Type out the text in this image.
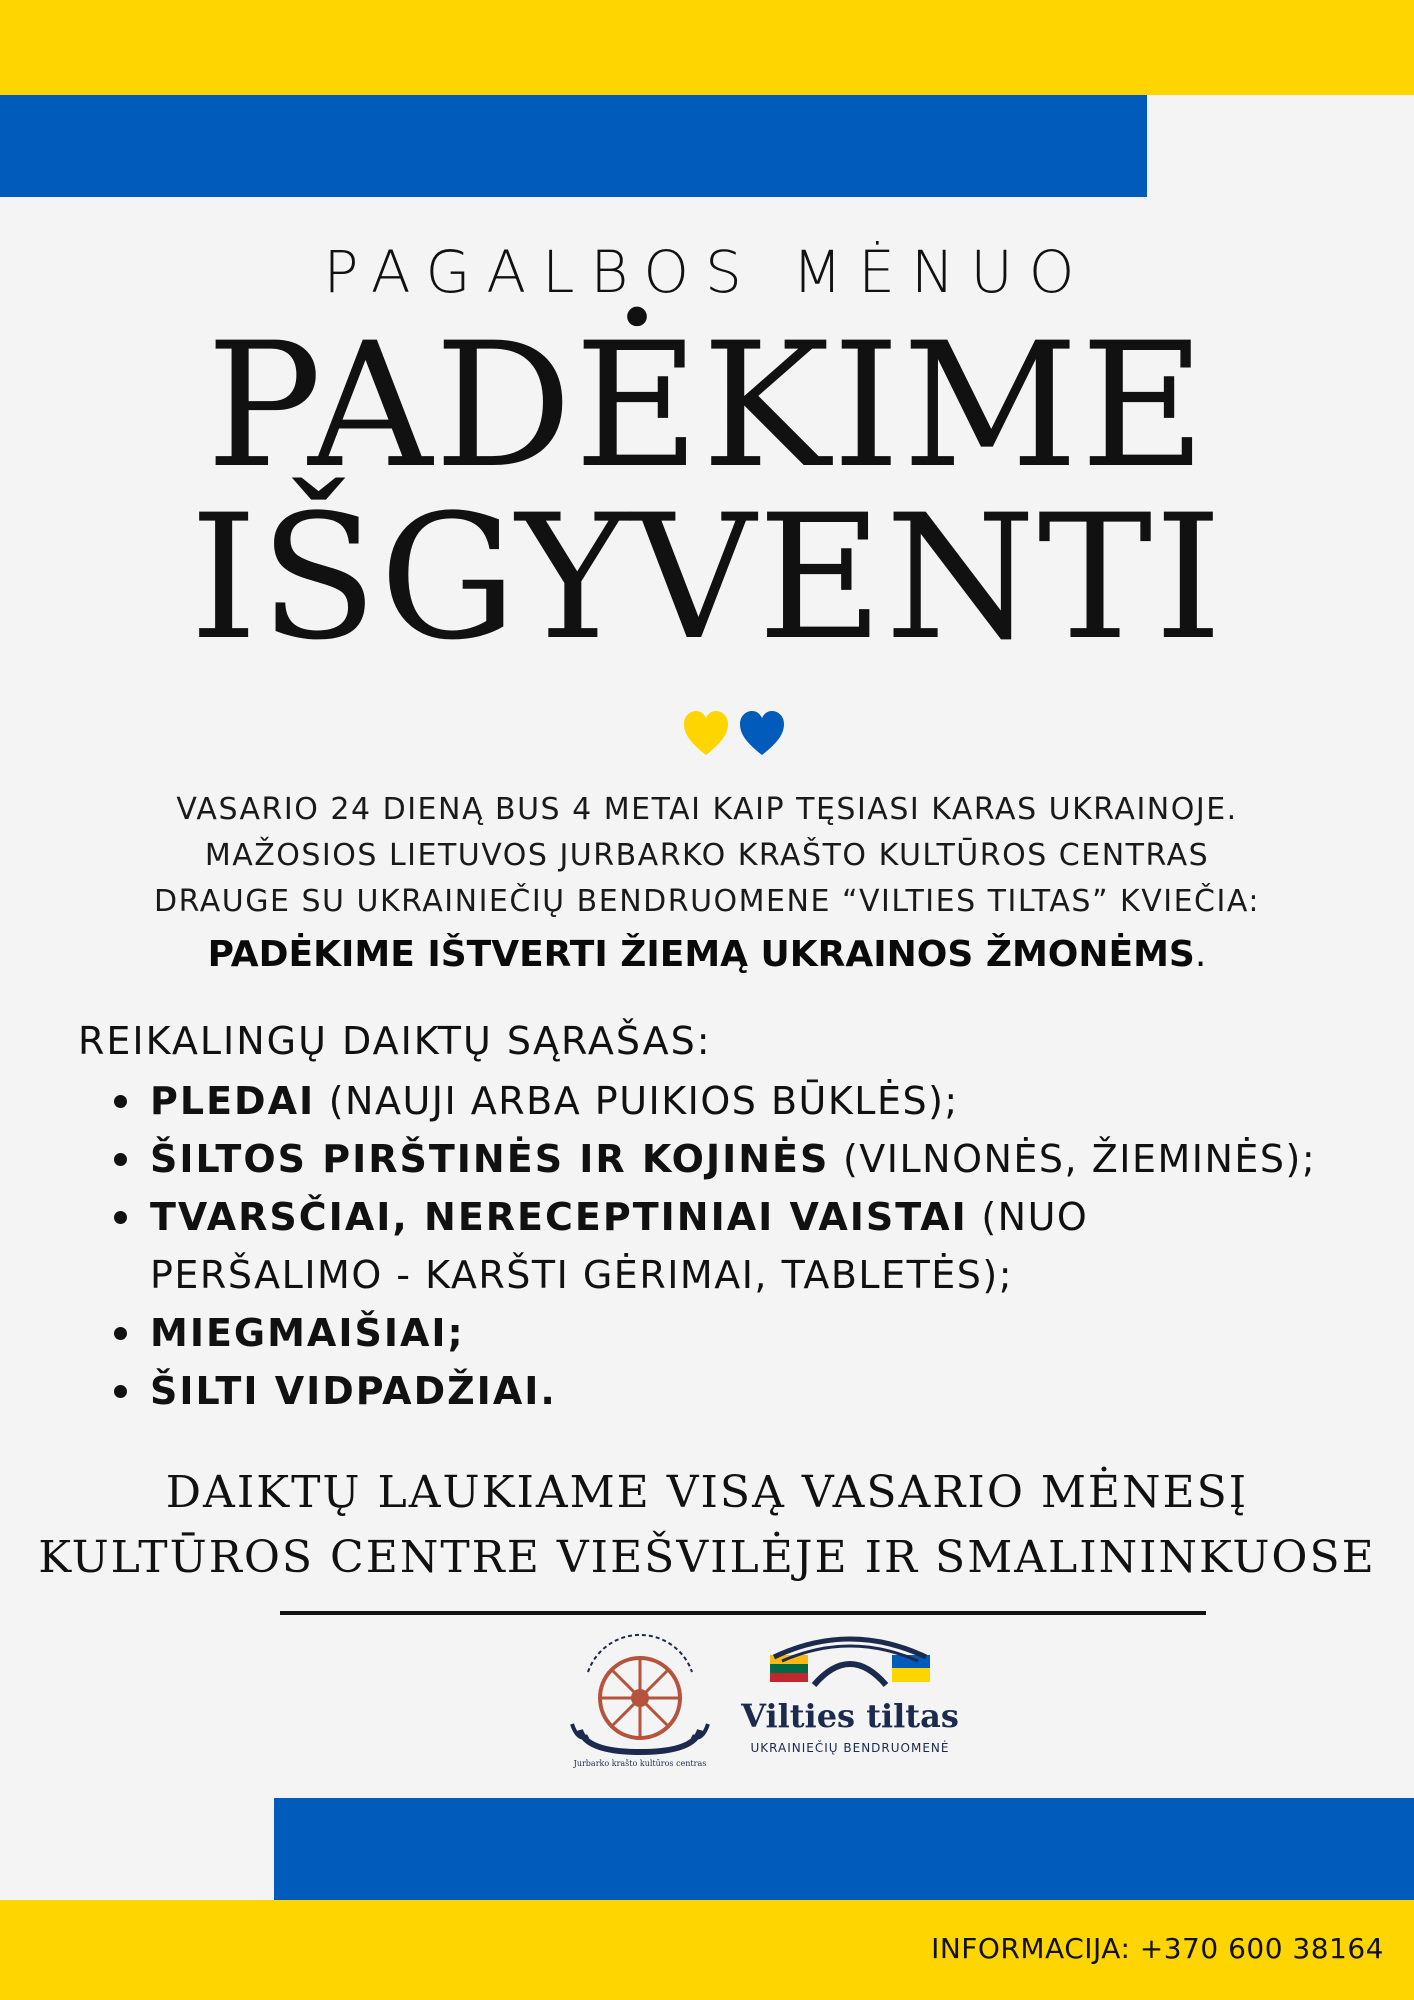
PAGALBOS MĖNUO
PADĖKIME
IŠGYVENTI
VASARIO 24 DIENĄ BUS 4 METAI KAIP TĘSIASI KARAS UKRAINOJE.
MAŽOSIOS LIETUVOS JURBARKO KRAŠTO KULTŪROS CENTRAS
DRAUGE SU UKRAINIEČIŲ BENDRUOMENE “VILTIES TILTAS” KVIEČIA:
PADĖKIME IŠTVERTI ŽIEMĄ UKRAINOS ŽMONĖMS.
REIKALINGŲ DAIKTŲ SĄRAŠAS:
PLEDAI (NAUJI ARBA PUIKIOS BŪKLĖS);
ŠILTOS PIRŠTINĖS IR KOJINĖS (VILNONĖS, ŽIEMINĖS);
TVARSČIAI, NERECEPTINIAI VAISTAI (NUO PERŠALIMO - KARŠTI GĖRIMAI, TABLETĖS);
MIEGMAIŠIAI;
ŠILTI VIDPADŽIAI.
DAIKTŲ LAUKIAME VISĄ VASARIO MĖNESĮ
KULTŪROS CENTRE VIEŠVILĖJE IR SMALININKUOSE
Jurbarko krašto kultūros centras
Vilties tiltas
UKRAINIEČIŲ BENDRUOMENĖ
INFORMACIJA: +370 600 38164
